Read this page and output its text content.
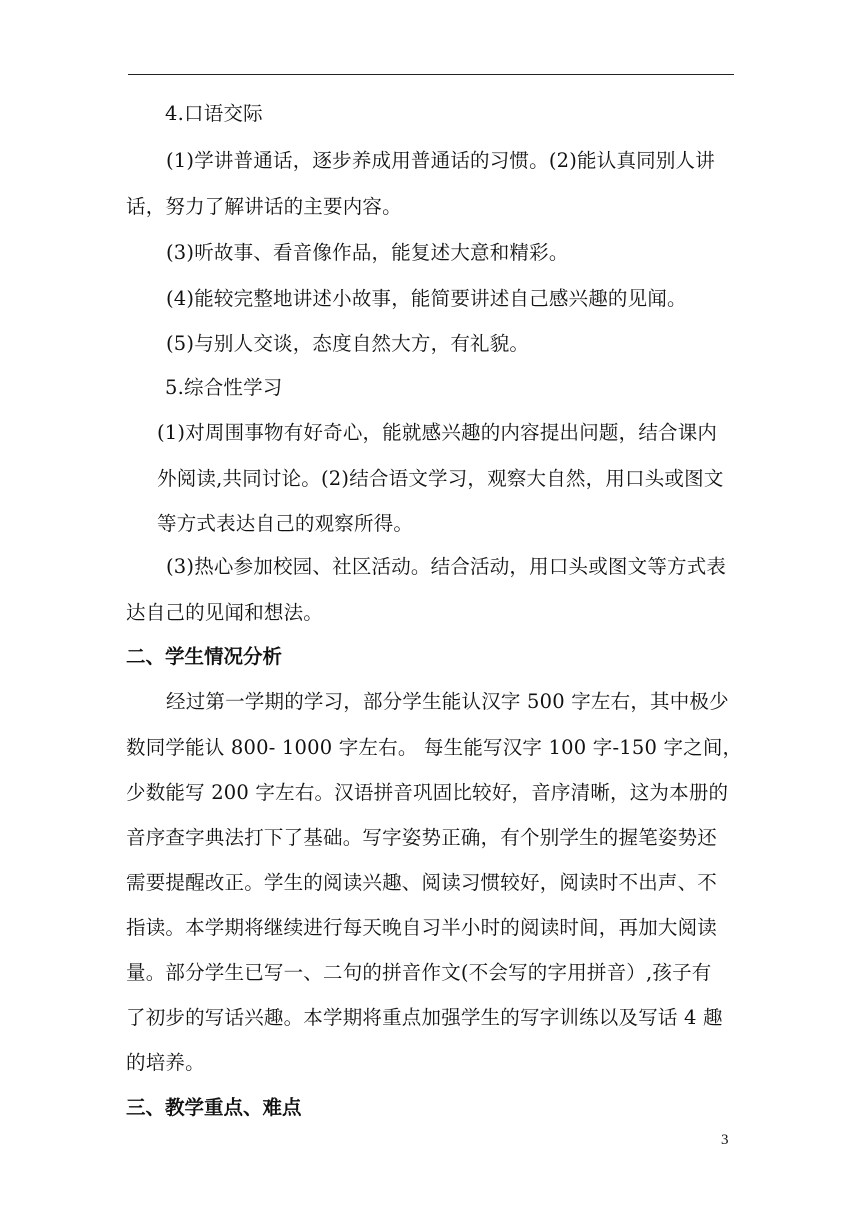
4.口语交际
(1)学讲普通话，逐步养成用普通话的习惯。(2)能认真同别人讲
话，努力了解讲话的主要内容。
(3)听故事、看音像作品，能复述大意和精彩。
(4)能较完整地讲述小故事，能简要讲述自己感兴趣的见闻。
(5)与别人交谈，态度自然大方，有礼貌。
5.综合性学习
(1)对周围事物有好奇心，能就感兴趣的内容提出问题，结合课内
外阅读,共同讨论。(2)结合语文学习，观察大自然，用口头或图文
等方式表达自己的观察所得。
(3)热心参加校园、社区活动。结合活动，用口头或图文等方式表
达自己的见闻和想法。
二、学生情况分析
经过第一学期的学习，部分学生能认汉字 500 字左右，其中极少
数同学能认 800- 1000 字左右。 每生能写汉字 100 字-150 字之间，
少数能写 200 字左右。汉语拼音巩固比较好，音序清晰，这为本册的
音序查字典法打下了基础。写字姿势正确，有个别学生的握笔姿势还
需要提醒改正。学生的阅读兴趣、阅读习惯较好，阅读时不出声、不
指读。本学期将继续进行每天晚自习半小时的阅读时间，再加大阅读
量。部分学生已写一、二句的拼音作文(不会写的字用拼音）,孩子有
了初步的写话兴趣。本学期将重点加强学生的写字训练以及写话 4 趣
的培养。
三、教学重点、难点
3
